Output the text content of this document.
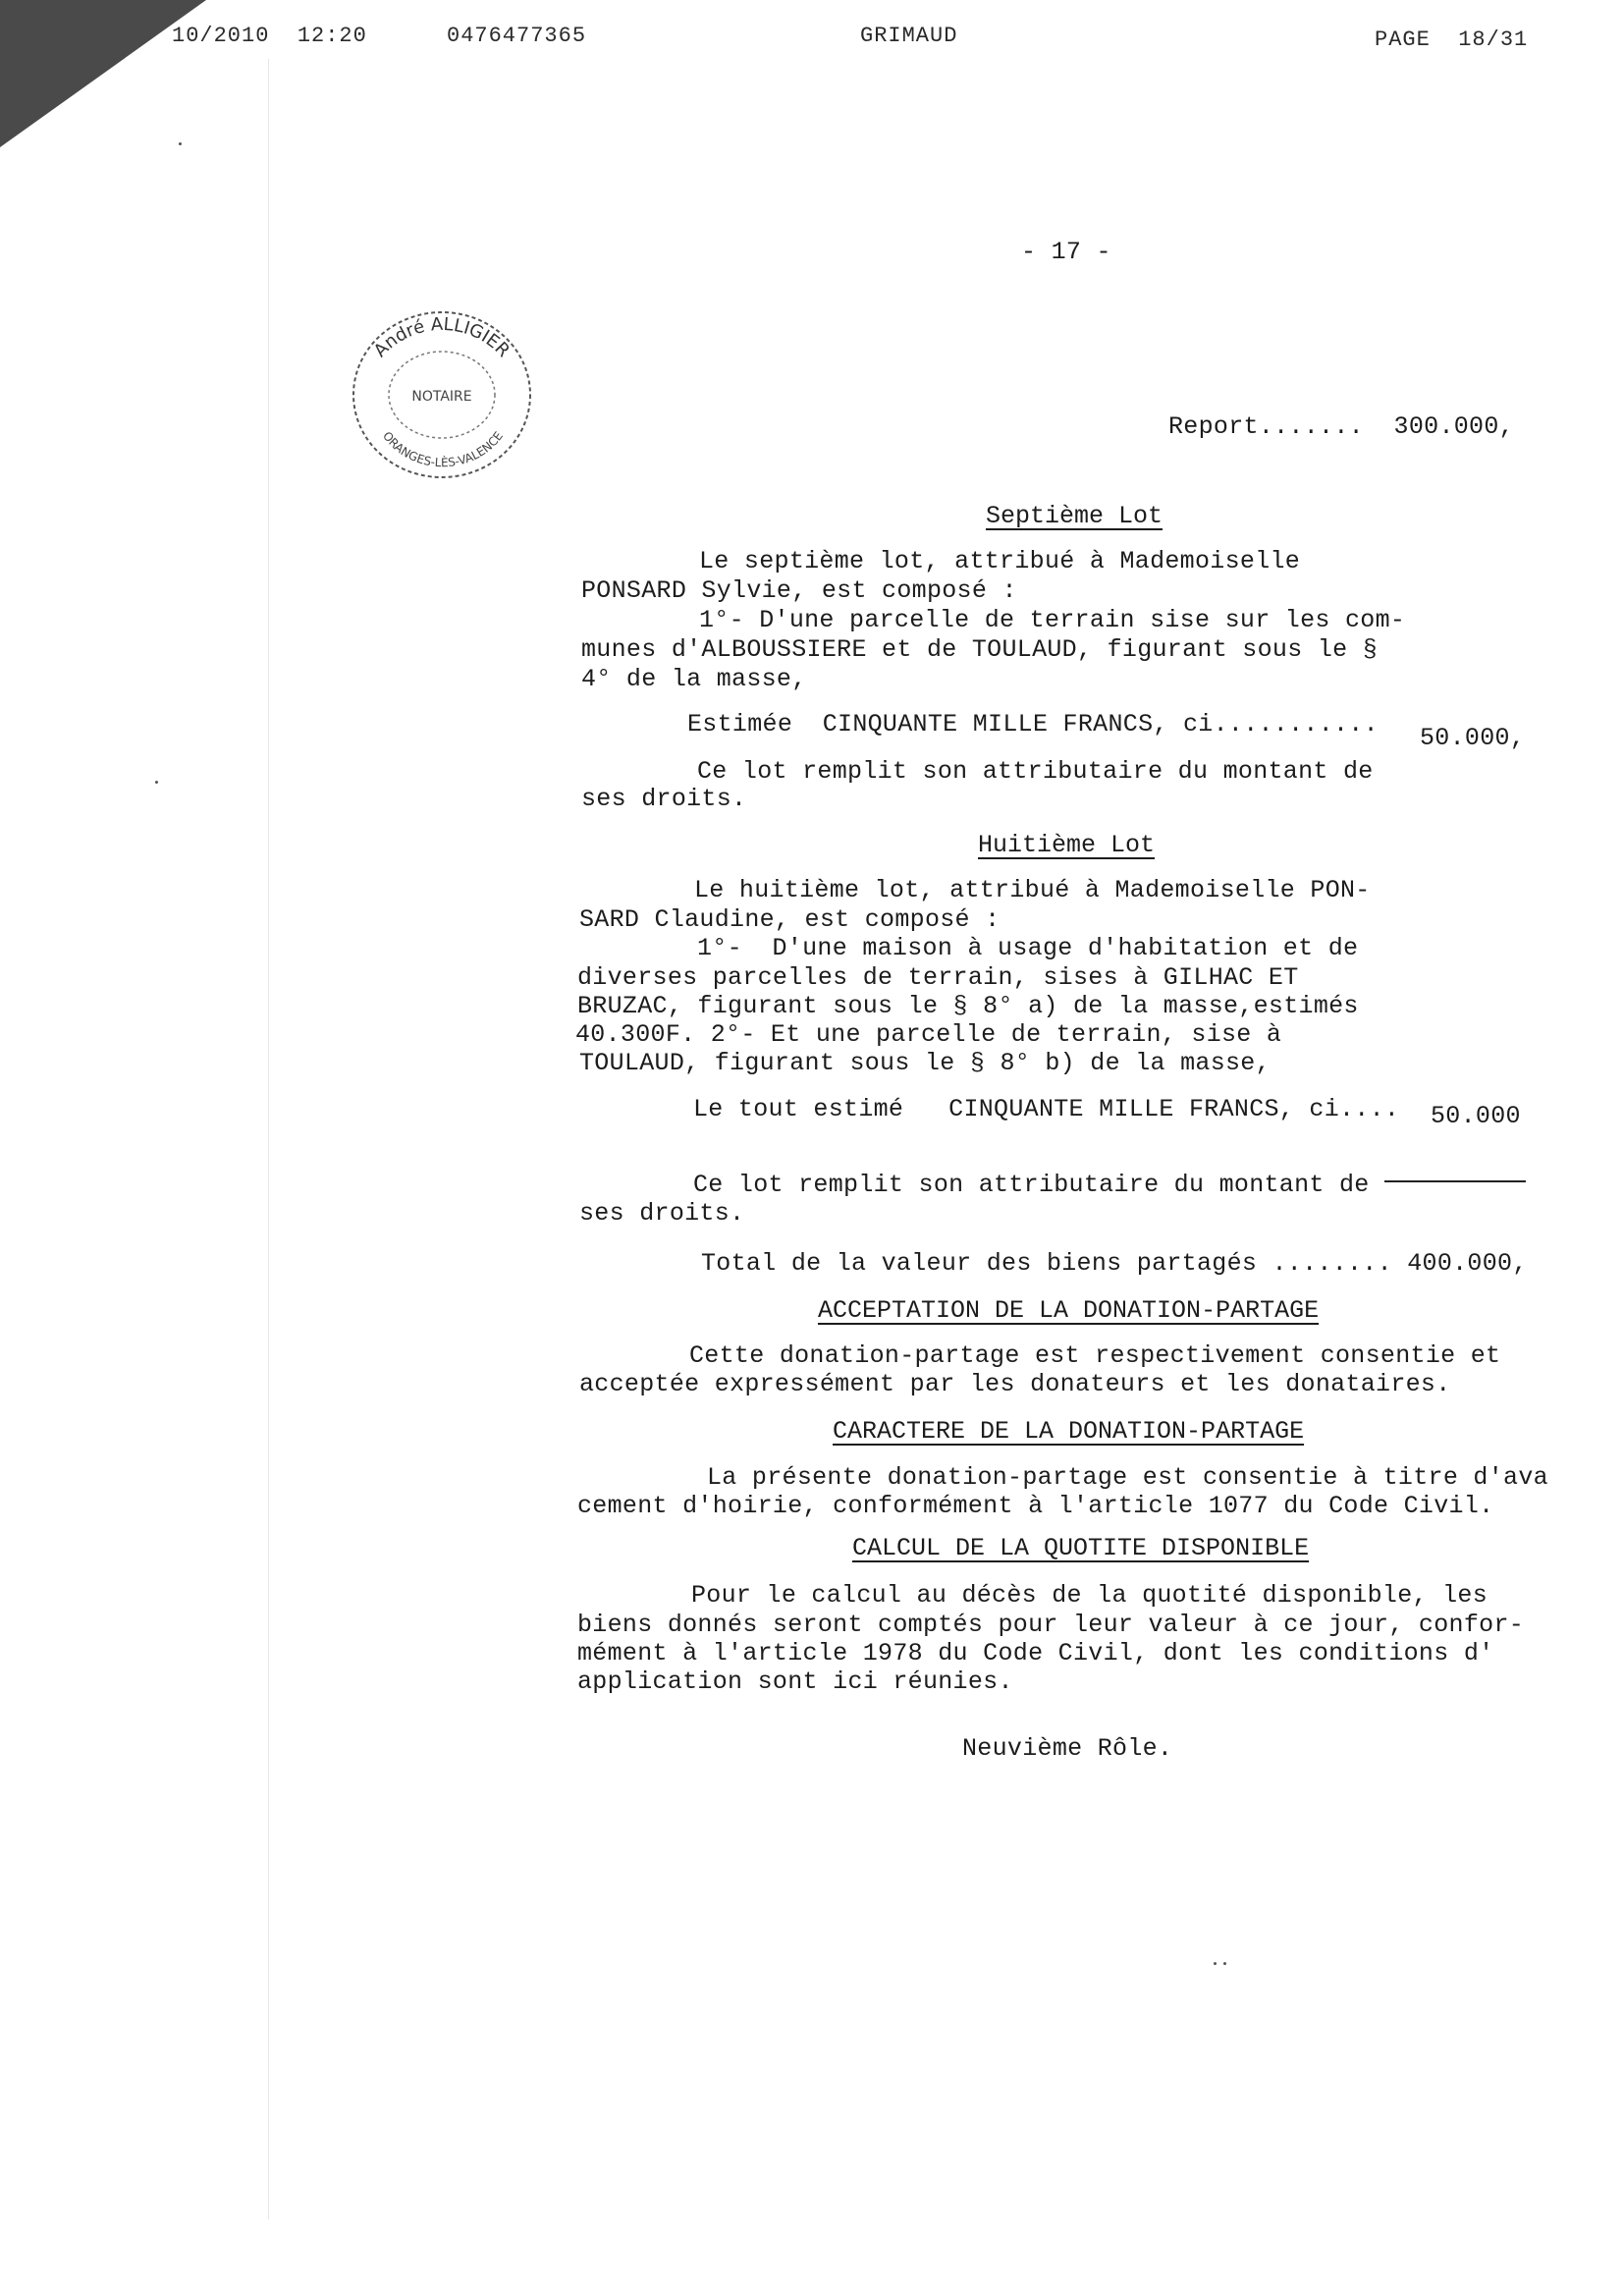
10/2010  12:20	0476477365	GRIMAUD	PAGE  18/31
- 17 -
André ALLIGIER
NOTAIRE
ORANGES-LÈS-VALENCE	Report.......  300.000,
Septième Lot
Le septième lot, attribué à Mademoiselle
PONSARD Sylvie, est composé :
1°- D'une parcelle de terrain sise sur les com-
munes d'ALBOUSSIERE et de TOULAUD, figurant sous le §
4° de la masse,
Estimée  CINQUANTE MILLE FRANCS, ci........... 50.000,
Ce lot remplit son attributaire du montant de
ses droits.
Huitième Lot
Le huitième lot, attribué à Mademoiselle PON-
SARD Claudine, est composé :
1°-  D'une maison à usage d'habitation et de
diverses parcelles de terrain, sises à GILHAC ET
BRUZAC, figurant sous le § 8° a) de la masse,estimés
40.300F. 2°- Et une parcelle de terrain, sise à
TOULAUD, figurant sous le § 8° b) de la masse,
Le tout estimé   CINQUANTE MILLE FRANCS, ci.... 50.000
Ce lot remplit son attributaire du montant de
ses droits.
Total de la valeur des biens partagés ........ 400.000,
ACCEPTATION DE LA DONATION-PARTAGE
Cette donation-partage est respectivement consentie et
acceptée expressément par les donateurs et les donataires.
CARACTERE DE LA DONATION-PARTAGE
La présente donation-partage est consentie à titre d'ava
cement d'hoirie, conformément à l'article 1077 du Code Civil.
CALCUL DE LA QUOTITE DISPONIBLE
Pour le calcul au décès de la quotité disponible, les
biens donnés seront comptés pour leur valeur à ce jour, confor-
mément à l'article 1978 du Code Civil, dont les conditions d'
application sont ici réunies.
Neuvième Rôle.
